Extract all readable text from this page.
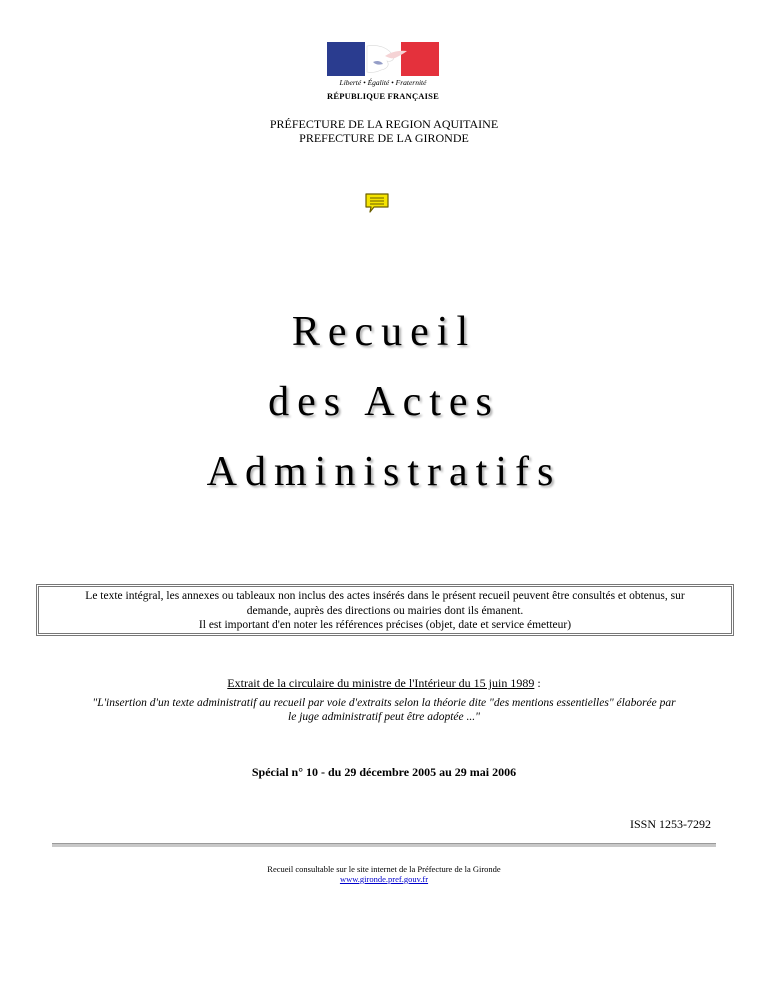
Liberté • Égalité • Fraternité
RÉPUBLIQUE FRANÇAISE
PRÉFECTURE DE LA REGION AQUITAINE
PREFECTURE DE LA GIRONDE
Recueil
des Actes
Administratifs
Le texte intégral, les annexes ou tableaux non inclus des actes insérés dans le présent recueil peuvent être consultés et obtenus, sur
demande, auprès des directions ou mairies dont ils émanent.
Il est important d'en noter les références précises (objet, date et service émetteur)
Extrait de la circulaire du ministre de l'Intérieur du 15 juin 1989 :
"L'insertion d'un texte administratif au recueil par voie d'extraits selon la théorie dite "des mentions essentielles" élaborée par
le juge administratif peut être adoptée ..."
Spécial n° 10 - du 29 décembre 2005 au 29 mai 2006
ISSN 1253-7292
Recueil consultable sur le site internet de la Préfecture de la Gironde
www.gironde.pref.gouv.fr
